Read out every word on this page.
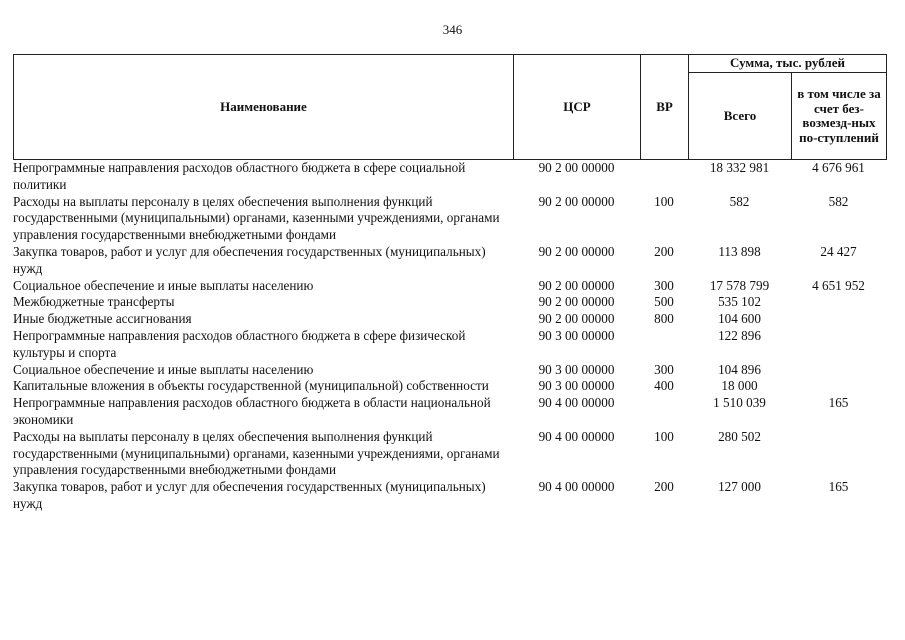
346
Наименование	ЦСР	ВР	Сумма, тыс. рублей	
			Всего	в том числе за счет без-возмезд-ных по-ступлений
Непрограммные направления расходов областного бюджета в сфере социальной политики	90 2 00 00000		18 332 981	4 676 961
Расходы на выплаты персоналу в целях обеспечения выполнения функций государственными (муниципальными) органами, казенными учреждениями, органами управления государственными внебюджетными фондами	90 2 00 00000	100	582	582
Закупка товаров, работ и услуг для обеспечения государственных (муниципальных) нужд	90 2 00 00000	200	113 898	24 427
Социальное обеспечение и иные выплаты населению	90 2 00 00000	300	17 578 799	4 651 952
Межбюджетные трансферты	90 2 00 00000	500	535 102	
Иные бюджетные ассигнования	90 2 00 00000	800	104 600	
Непрограммные направления расходов областного бюджета в сфере физической культуры и спорта	90 3 00 00000		122 896	
Социальное обеспечение и иные выплаты населению	90 3 00 00000	300	104 896	
Капитальные вложения в объекты государственной (муниципальной) собственности	90 3 00 00000	400	18 000	
Непрограммные направления расходов областного бюджета в области национальной экономики	90 4 00 00000		1 510 039	165
Расходы на выплаты персоналу в целях обеспечения выполнения функций государственными (муниципальными) органами, казенными учреждениями, органами управления государственными внебюджетными фондами	90 4 00 00000	100	280 502	
Закупка товаров, работ и услуг для обеспечения государственных (муниципальных) нужд	90 4 00 00000	200	127 000	165
